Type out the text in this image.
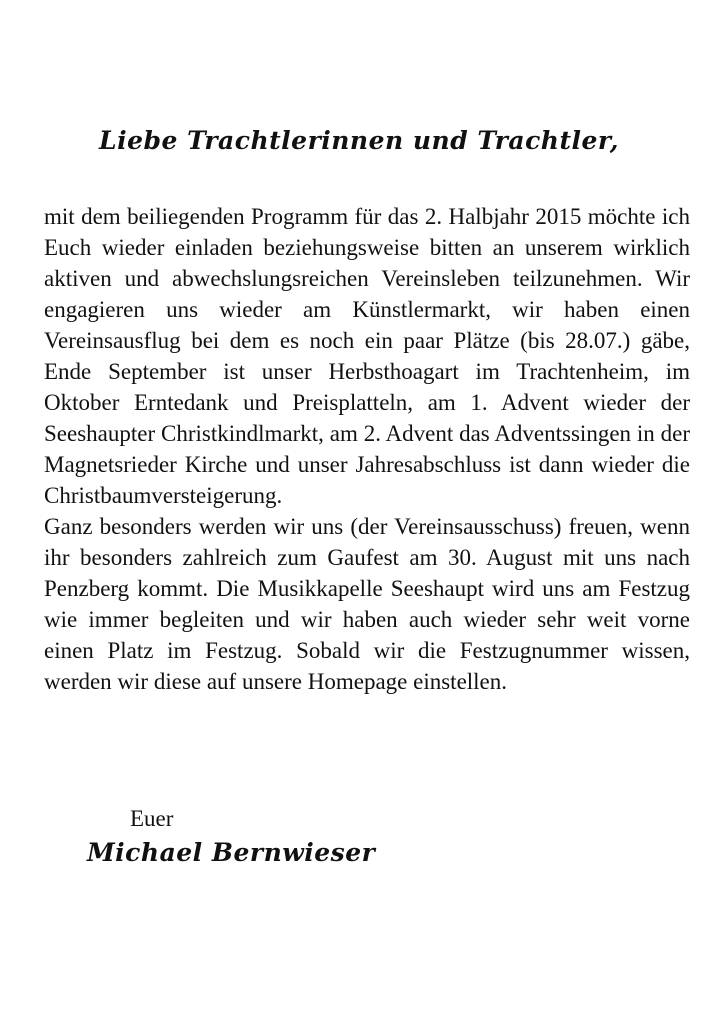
Liebe Trachtlerinnen und Trachtler,

mit dem beiliegenden Programm für das 2. Halbjahr 2015 möchte ich Euch wieder einladen beziehungsweise bitten an unserem wirklich aktiven und abwechslungsreichen Vereinsleben teilzunehmen. Wir engagieren uns wieder am Künstlermarkt, wir haben einen Vereinsausflug bei dem es noch ein paar Plätze (bis 28.07.) gäbe, Ende September ist unser Herbsthoagart im Trachtenheim, im Oktober Erntedank und Preisplatteln, am 1. Advent wieder der Seeshaupter Christkindlmarkt, am 2. Advent das Adventssingen in der Magnetsrieder Kirche und unser Jahresabschluss ist dann wieder die Christbaumversteigerung.

Ganz besonders werden wir uns (der Vereinsausschuss) freuen, wenn ihr besonders zahlreich zum Gaufest am 30. August mit uns nach Penzberg kommt. Die Musikkapelle Seeshaupt wird uns am Festzug wie immer begleiten und wir haben auch wieder sehr weit vorne einen Platz im Festzug. Sobald wir die Festzugnummer wissen, werden wir diese auf unsere Homepage einstellen.

Euer
Michael Bernwieser
